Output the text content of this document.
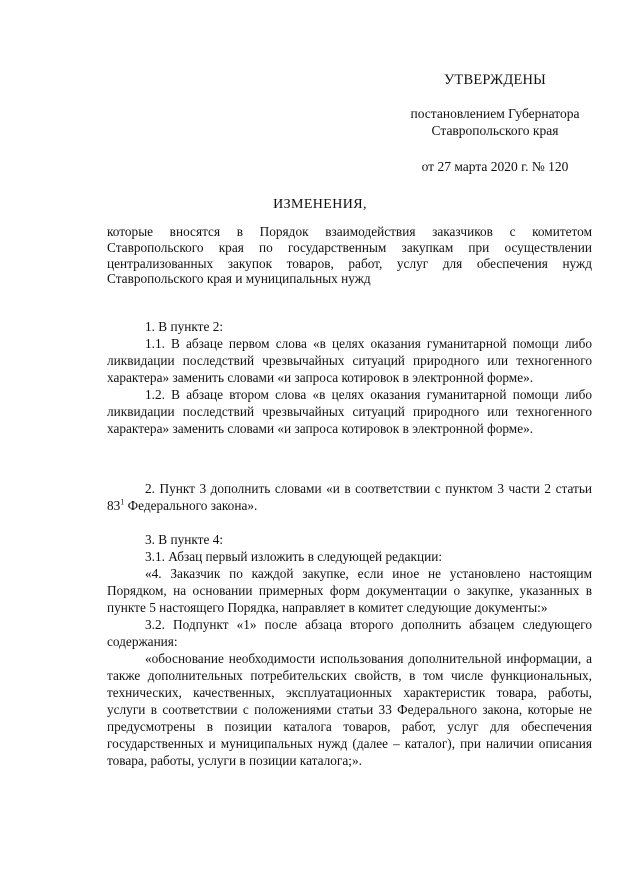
УТВЕРЖДЕНЫ
постановлением Губернатора
Ставропольского края
от 27 марта 2020 г. № 120
ИЗМЕНЕНИЯ,
которые вносятся в Порядок взаимодействия заказчиков с комитетом Ставропольского края по государственным закупкам при осуществлении централизованных закупок товаров, работ, услуг для обеспечения нужд Ставропольского края и муниципальных нужд

1. В пункте 2:

1.1. В абзаце первом слова «в целях оказания гуманитарной помощи либо ликвидации последствий чрезвычайных ситуаций природного или техногенного характера» заменить словами «и запроса котировок в электронной форме».

1.2. В абзаце втором слова «в целях оказания гуманитарной помощи либо ликвидации последствий чрезвычайных ситуаций природного или техногенного характера» заменить словами «и запроса котировок в электронной форме».

2. Пункт 3 дополнить словами «и в соответствии с пунктом 3 части 2 статьи $83^1$ Федерального закона».

3. В пункте 4:

3.1. Абзац первый изложить в следующей редакции:

«4. Заказчик по каждой закупке, если иное не установлено настоящим Порядком, на основании примерных форм документации о закупке, указанных в пункте 5 настоящего Порядка, направляет в комитет следующие документы:»

3.2. Подпункт «1» после абзаца второго дополнить абзацем следующего содержания:

«обоснование необходимости использования дополнительной информации, а также дополнительных потребительских свойств, в том числе функциональных, технических, качественных, эксплуатационных характеристик товара, работы, услуги в соответствии с положениями статьи 33 Федерального закона, которые не предусмотрены в позиции каталога товаров, работ, услуг для обеспечения государственных и муниципальных нужд (далее – каталог), при наличии описания товара, работы, услуги в позиции каталога;».
